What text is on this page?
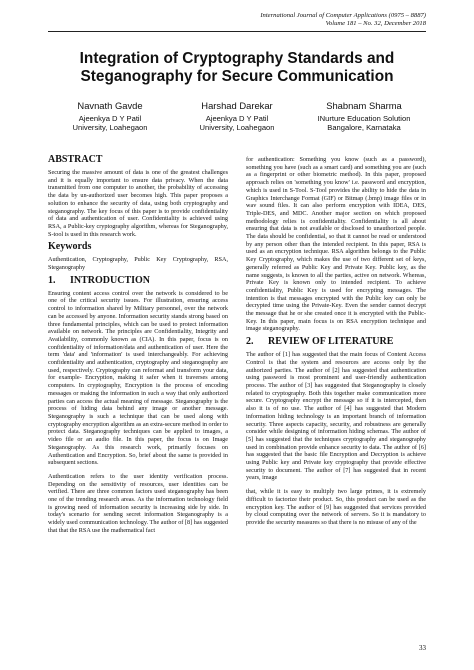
International Journal of Computer Applications (0975 – 8887)
Volume 181 – No. 32, December 2018
Integration of Cryptography Standards and Steganography for Secure Communication
Navnath Gavde
Ajeenkya D Y Patil
University, Loahegaon
Harshad Darekar
Ajeenkya D Y Patil
University, Loahegaon
Shabnam Sharma
INurture Education Solution
Bangalore, Karnataka
ABSTRACT

Securing the massive amount of data is one of the greatest challenges and it is equally important to ensure data privacy. When the data transmitted from one computer to another, the probability of accessing the data by un-authorized user becomes high. This paper proposes a solution to enhance the security of data, using both cryptography and steganography. The key focus of this paper is to provide confidentiality of data and authentication of user. Confidentiality is achieved using RSA, a Public-key cryptography algorithm, whereas for Steganography, S-tool is used in this research work.

Keywords

Authentication, Cryptography, Public Key Cryptography, RSA, Steganography

1. INTRODUCTION

Ensuring content access control over the network is considered to be one of the critical security issues. For illustration, ensuring access control to information shared by Military personnel, over the network can be accessed by anyone. Information security stands strong based on three fundamental principles, which can be used to protect information available on network. The principles are Confidentiality, Integrity and Availability, commonly known as (CIA). In this paper, focus is on confidentiality of information/data and authentication of user. Here the term 'data' and 'information' is used interchangeably. For achieving confidentiality and authentication, cryptography and steganography are used, respectively. Cryptography can reformat and transform your data, for example- Encryption, making it safer when it traverses among computers. In cryptography, Encryption is the process of encoding messages or making the information in such a way that only authorized parties can access the actual meaning of message. Steganography is the process of hiding data behind any image or another message. Steganography is such a technique that can be used along with cryptography encryption algorithm as an extra-secure method in order to protect data. Steganography techniques can be applied to images, a video file or an audio file. In this paper, the focus is on Image Steganography. As this research work, primarily focuses on Authentication and Encryption. So, brief about the same is provided in subsequent sections.

Authentication refers to the user identity verification process. Depending on the sensitivity of resources, user identities can be verified. There are three common factors used steganography has been one of the trending research areas. As the information technology field is growing need of information security is increasing side by side. In today's scenario for sending secret information Steganography is a widely used communication technology. The author of [8] has suggested that that the RSA use the mathematical fact

for authentication: Something you know (such as a password), something you have (such as a smart card) and something you are (such as a fingerprint or other biometric method). In this paper, proposed approach relies on 'something you know' i.e. password and encryption, which is used in S-Tool. S-Tool provides the ability to hide the data in Graphics Interchange Format (GIF) or Bitmap (.bmp) image files or in wav sound files. It can also perform encryption with IDEA, DES, Triple-DES, and MDC. Another major section on which proposed methodology relies is confidentiality. Confidentiality is all about ensuring that data is not available or disclosed to unauthorized people. The data should be confidential, so that it cannot be read or understood by any person other than the intended recipient. In this paper, RSA is used as an encryption technique. RSA algorithm belongs to the Public Key Cryptography, which makes the use of two different set of keys, generally referred as Public Key and Private Key. Public key, as the name suggests, is known to all the parties, active on network. Whereas, Private Key is known only to intended recipient. To achieve confidentiality, Public Key is used for encrypting messages. The intention is that messages encrypted with the Public key can only be decrypted time using the Private-Key. Even the sender cannot decrypt the message that he or she created once it is encrypted with the Public-Key. In this paper, main focus is on RSA encryption technique and image steganography.

2. REVIEW OF LITERATURE

The author of [1] has suggested that the main focus of Content Access Control is that the system and resources are access only by the authorized parties. The author of [2] has suggested that authentication using password is most prominent and user-friendly authentication process. The author of [3] has suggested that Steganography is closely related to cryptography. Both this together make communication more secure. Cryptography encrypt the message so if it is intercepted, then also it is of no use. The author of [4] has suggested that Modern information hiding technology is an important branch of information security. Three aspects capacity, security, and robustness are generally consider while designing of information hiding schemas. The author of [5] has suggested that the techniques cryptography and steganography used in combination provide enhance security to data. The author of [6] has suggested that the basic file Encryption and Decryption is achieve using Public key and Private key cryptography that provide effective security to document. The author of [7] has suggested that in recent years, image

that, while it is easy to multiply two large primes, it is extremely difficult to factorize their product. So, this product can be used as the encryption key. The author of [9] has suggested that services provided by cloud computing over the network of servers. So it is mandatory to provide the security measures so that there is no misuse of any of the

33
